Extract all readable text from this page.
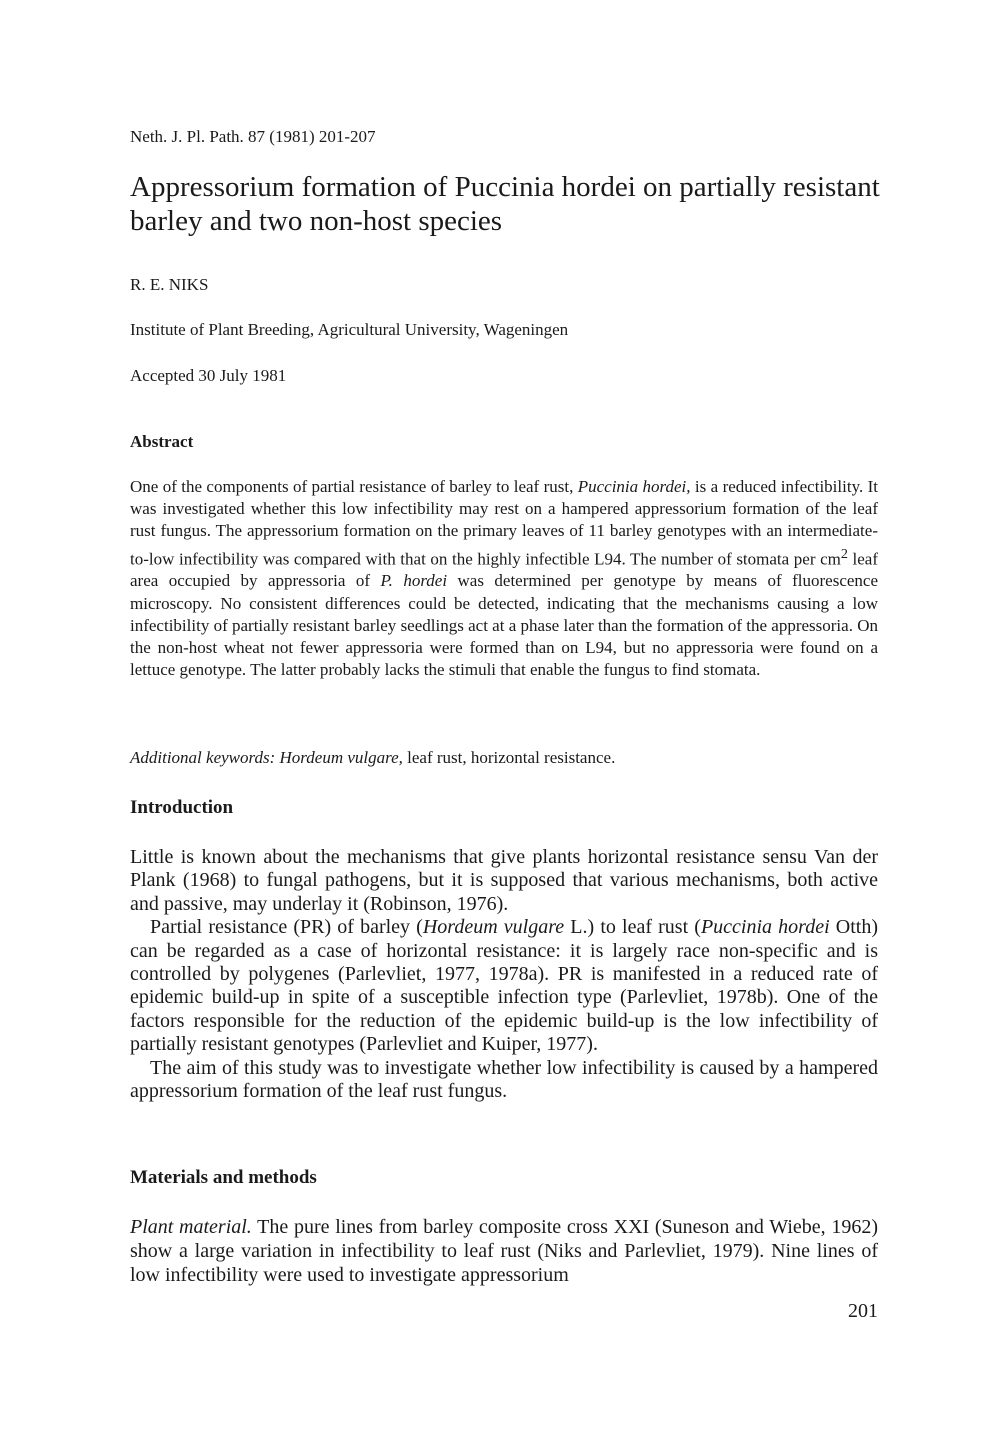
Neth. J. Pl. Path. 87 (1981) 201-207
Appressorium formation of Puccinia hordei on partially resistant barley and two non-host species
R. E. NIKS
Institute of Plant Breeding, Agricultural University, Wageningen
Accepted 30 July 1981
Abstract

One of the components of partial resistance of barley to leaf rust, Puccinia hordei, is a reduced infectibility. It was investigated whether this low infectibility may rest on a hampered appressorium formation of the leaf rust fungus. The appressorium formation on the primary leaves of 11 barley genotypes with an intermediate-to-low infectibility was compared with that on the highly infectible L94. The number of stomata per $cm^2$ leaf area occupied by appressoria of P. hordei was determined per genotype by means of fluorescence microscopy. No consistent differences could be detected, indicating that the mechanisms causing a low infectibility of partially resistant barley seedlings act at a phase later than the formation of the appressoria. On the non-host wheat not fewer appressoria were formed than on L94, but no appressoria were found on a lettuce genotype. The latter probably lacks the stimuli that enable the fungus to find stomata.

Additional keywords: Hordeum vulgare, leaf rust, horizontal resistance.

Introduction

Little is known about the mechanisms that give plants horizontal resistance sensu Van der Plank (1968) to fungal pathogens, but it is supposed that various mechanisms, both active and passive, may underlay it (Robinson, 1976).

Partial resistance (PR) of barley (Hordeum vulgare L.) to leaf rust (Puccinia hordei Otth) can be regarded as a case of horizontal resistance: it is largely race non-specific and is controlled by polygenes (Parlevliet, 1977, 1978a). PR is manifested in a reduced rate of epidemic build-up in spite of a susceptible infection type (Parlevliet, 1978b). One of the factors responsible for the reduction of the epidemic build-up is the low infectibility of partially resistant genotypes (Parlevliet and Kuiper, 1977).

The aim of this study was to investigate whether low infectibility is caused by a hampered appressorium formation of the leaf rust fungus.

Materials and methods

Plant material. The pure lines from barley composite cross XXI (Suneson and Wiebe, 1962) show a large variation in infectibility to leaf rust (Niks and Parlevliet, 1979). Nine lines of low infectibility were used to investigate appressorium

201
